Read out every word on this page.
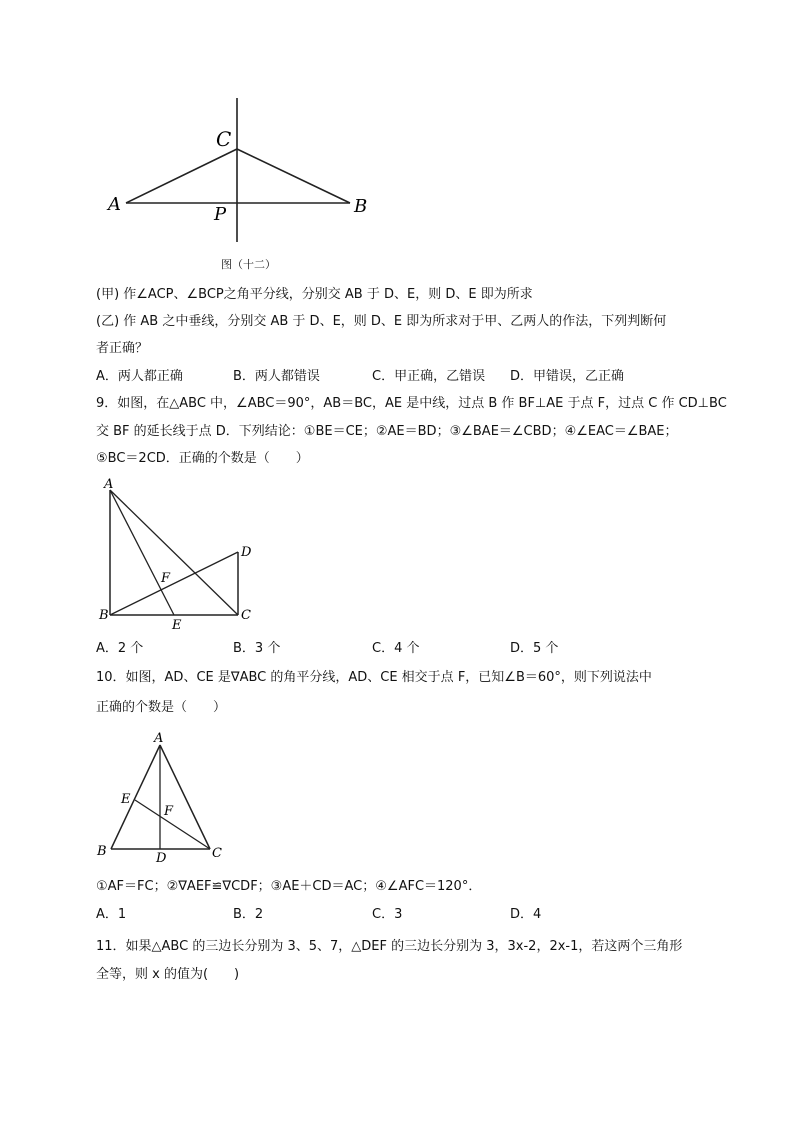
C
A	B
P
图（十二）
(甲) 作∠ACP、∠BCP之角平分线，分别交 AB 于 D、E，则 D、E 即为所求
(乙) 作 AB 之中垂线，分别交 AB 于 D、E，则 D、E 即为所求对于甲、乙两人的作法，下列判断何
者正确？
A．两人都正确	B．两人都错误	C．甲正确，乙错误 D．甲错误，乙正确
9．如图，在△ABC 中，∠ABC＝90°，AB＝BC，AE 是中线，过点 B 作 BF⊥AE 于点 F，过点 C 作 CD⊥BC
交 BF 的延长线于点 D．下列结论：①BE＝CE；②AE＝BD；③∠BAE＝∠CBD；④∠EAC＝∠BAE；
⑤BC＝2CD．正确的个数是（　　）
A
B	C
D
E
F
A．2 个	B．3 个	C．4 个	D．5 个
10．如图，AD、CE 是∇ABC 的角平分线，AD、CE 相交于点 F，已知∠B＝60°，则下列说法中
正确的个数是（　　）
A
B	C
D
E
F
①AF＝FC；②∇AEF≌∇CDF；③AE＋CD＝AC；④∠AFC＝120°．
A．1	B．2	C．3	D．4
11．如果△ABC 的三边长分别为 3、5、7，△DEF 的三边长分别为 3，3x-2，2x-1，若这两个三角形
全等，则 x 的值为(　　)
